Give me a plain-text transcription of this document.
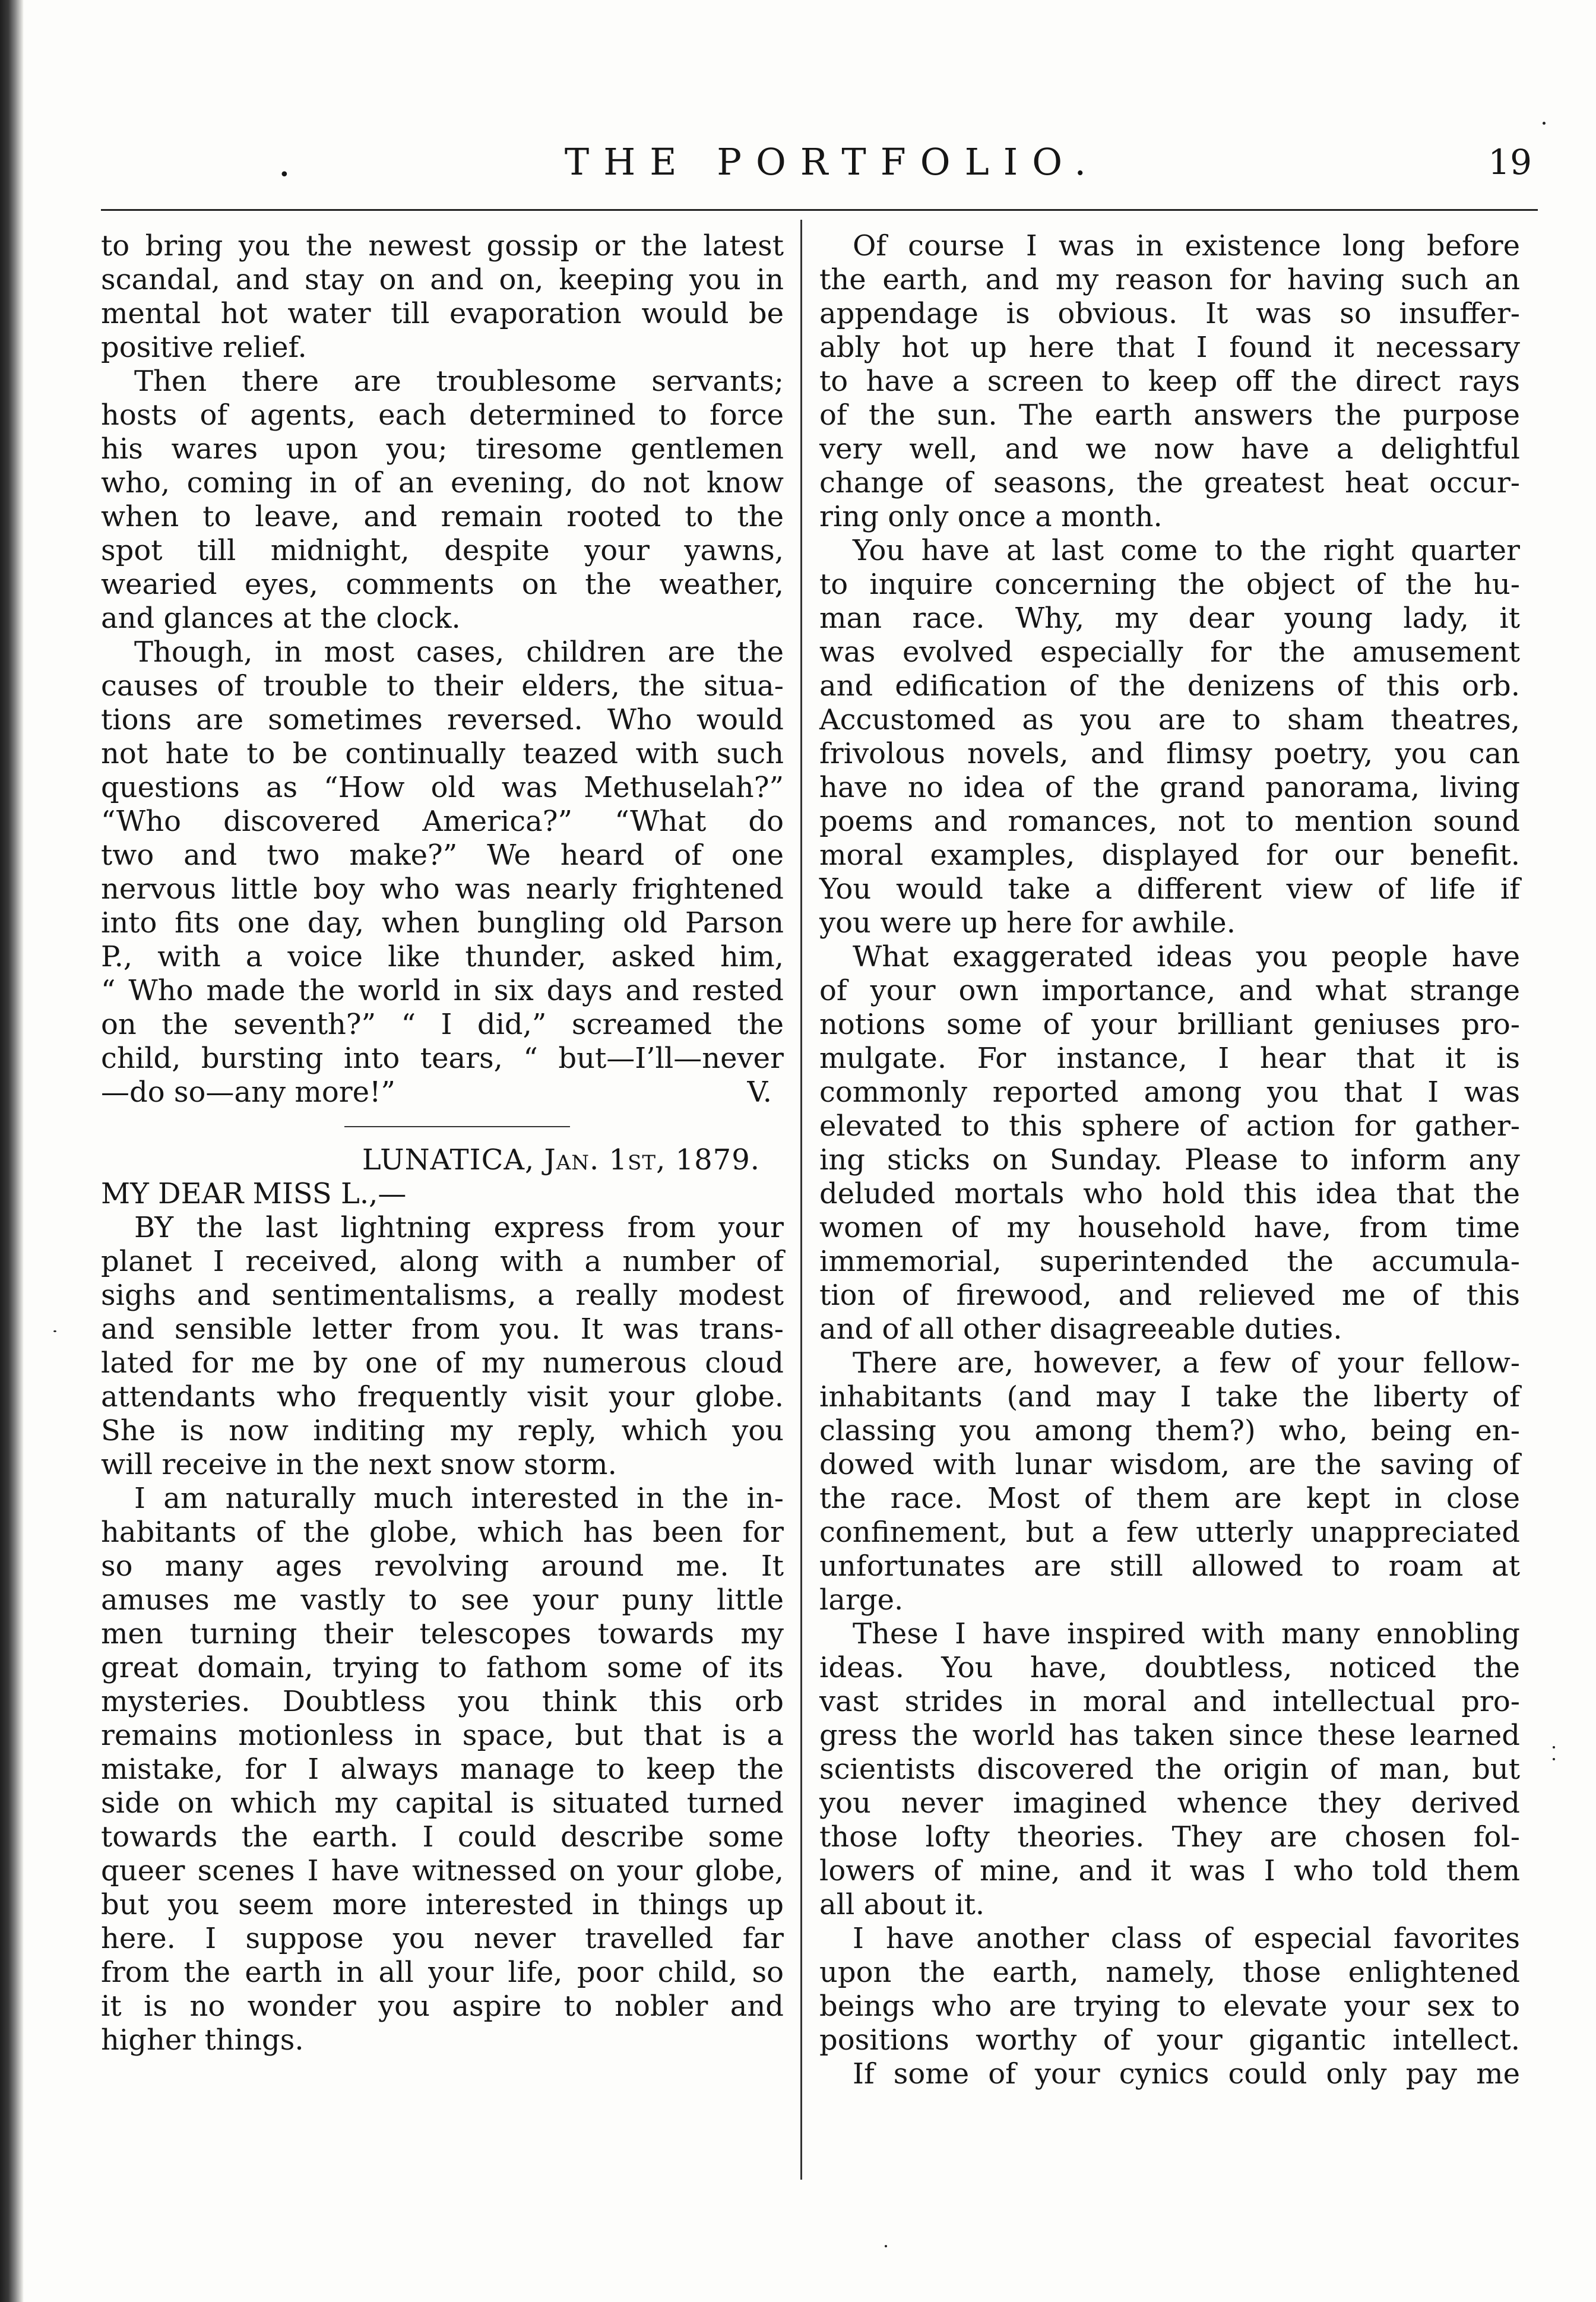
•	THE PORTFOLIO.	19
to bring you the newest gossip or the latest
scandal, and stay on and on, keeping you in
mental hot water till evaporation would be
positive relief.
Then there are troublesome servants;
hosts of agents, each determined to force
his wares upon you; tiresome gentlemen
who, coming in of an evening, do not know
when to leave, and remain rooted to the
spot till midnight, despite your yawns,
wearied eyes, comments on the weather,
and glances at the clock.
Though, in most cases, children are the
causes of trouble to their elders, the situa-
tions are sometimes reversed. Who would
not hate to be continually teazed with such
questions as “How old was Methuselah?”
“Who discovered America?” “What do
two and two make?” We heard of one
nervous little boy who was nearly frightened
into fits one day, when bungling old Parson
P., with a voice like thunder, asked him,
“ Who made the world in six days and rested
on the seventh?” “ I did,” screamed the
child, bursting into tears, “ but—I’ll—never
—do so—any more!”	V.
LUNATICA, Jan. 1st, 1879.
MY DEAR MISS L.,—
BY the last lightning express from your
planet I received, along with a number of
sighs and sentimentalisms, a really modest
and sensible letter from you. It was trans-
lated for me by one of my numerous cloud
attendants who frequently visit your globe.
She is now inditing my reply, which you
will receive in the next snow storm.
I am naturally much interested in the in-
habitants of the globe, which has been for
so many ages revolving around me. It
amuses me vastly to see your puny little
men turning their telescopes towards my
great domain, trying to fathom some of its
mysteries. Doubtless you think this orb
remains motionless in space, but that is a
mistake, for I always manage to keep the
side on which my capital is situated turned
towards the earth. I could describe some
queer scenes I have witnessed on your globe,
but you seem more interested in things up
here. I suppose you never travelled far
from the earth in all your life, poor child, so
it is no wonder you aspire to nobler and
higher things.
Of course I was in existence long before
the earth, and my reason for having such an
appendage is obvious. It was so insuffer-
ably hot up here that I found it necessary
to have a screen to keep off the direct rays
of the sun. The earth answers the purpose
very well, and we now have a delightful
change of seasons, the greatest heat occur-
ring only once a month.
You have at last come to the right quarter
to inquire concerning the object of the hu-
man race. Why, my dear young lady, it
was evolved especially for the amusement
and edification of the denizens of this orb.
Accustomed as you are to sham theatres,
frivolous novels, and flimsy poetry, you can
have no idea of the grand panorama, living
poems and romances, not to mention sound
moral examples, displayed for our benefit.
You would take a different view of life if
you were up here for awhile.
What exaggerated ideas you people have
of your own importance, and what strange
notions some of your brilliant geniuses pro-
mulgate. For instance, I hear that it is
commonly reported among you that I was
elevated to this sphere of action for gather-
ing sticks on Sunday. Please to inform any
deluded mortals who hold this idea that the
women of my household have, from time
immemorial, superintended the accumula-
tion of firewood, and relieved me of this
and of all other disagreeable duties.
There are, however, a few of your fellow-
inhabitants (and may I take the liberty of
classing you among them?) who, being en-
dowed with lunar wisdom, are the saving of
the race. Most of them are kept in close
confinement, but a few utterly unappreciated
unfortunates are still allowed to roam at
large.
These I have inspired with many ennobling
ideas. You have, doubtless, noticed the
vast strides in moral and intellectual pro-
gress the world has taken since these learned
scientists discovered the origin of man, but
you never imagined whence they derived
those lofty theories. They are chosen fol-
lowers of mine, and it was I who told them
all about it.
I have another class of especial favorites
upon the earth, namely, those enlightened
beings who are trying to elevate your sex to
positions worthy of your gigantic intellect.
If some of your cynics could only pay me
